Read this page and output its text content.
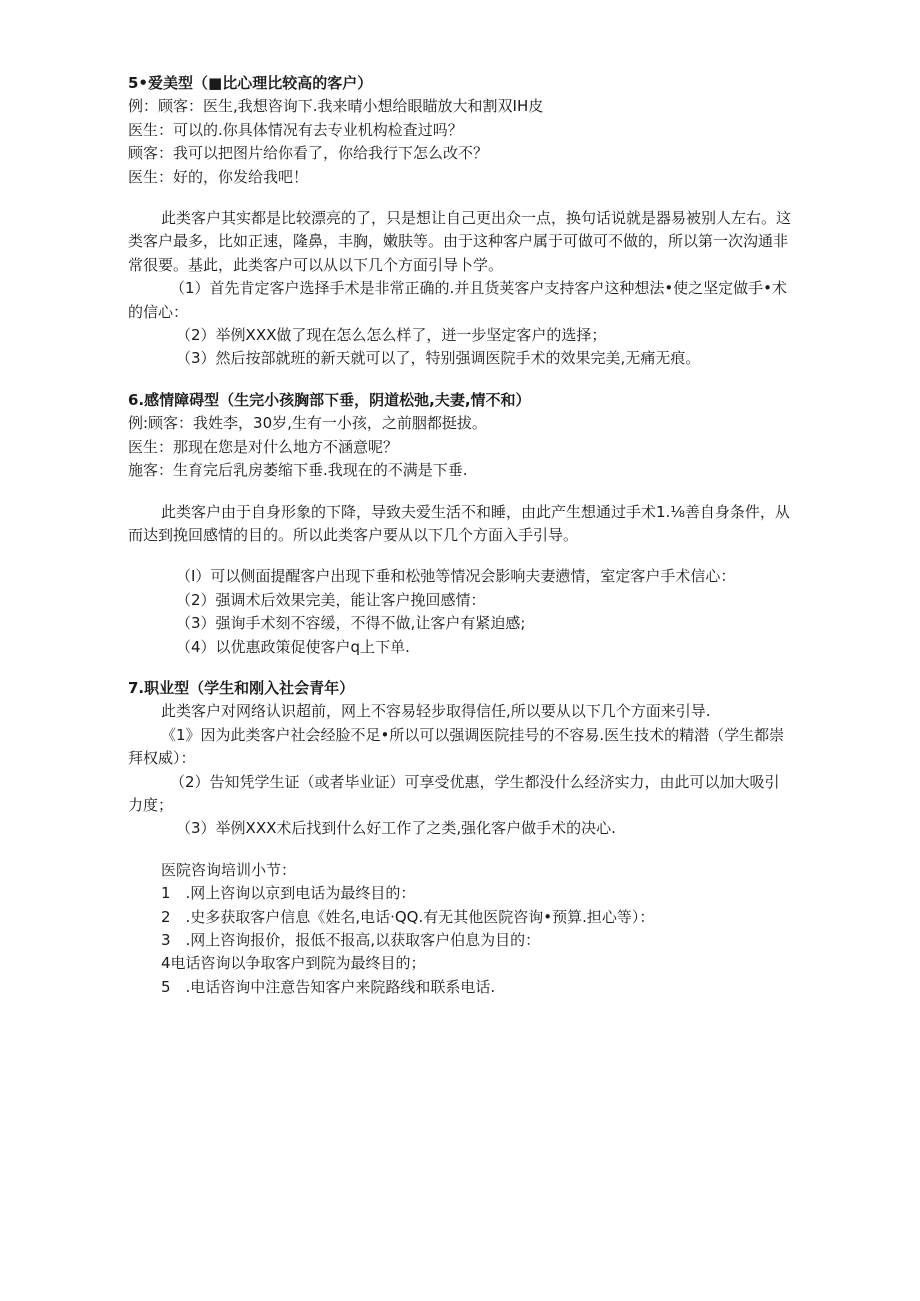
5•爱美型（■比心理比较高的客户）
例：顾客：医生,我想咨询下.我来晴小想给眼瞄放大和割双IH皮
医生：可以的.你具体情况有去专业机构检査过吗？
顾客：我可以把图片给你看了，你给我行下怎么改不？
医生：好的，你发给我吧！
此类客户其实都是比较漂亮的了，只是想让自己更出众一点，换句话说就是器易被别人左右。这类客户最多，比如正速，隆鼻，丰胸，嫩肤等。由于这种客户属于可做可不做的，所以第一次沟通非常很要。基此，此类客户可以从以下几个方面引导卜学。
（1）首先肯定客户选择手术是非常正确的.并且货荚客户支持客户这种想法•使之坚定做手•术的信心：
（2）举例XXX做了现在怎么怎么样了，迸一步坚定客户的选择；
（3）然后按部就班的新天就可以了，特别强调医院手术的效果完美,无痛无痕。
6.感情障碍型（生完小孩胸部下垂，阴道松弛,夫妻,情不和）
例:顾客：我姓李，30岁,生有一小孩，之前胭都挺拔。
医生：那现在您是对什么地方不涵意呢？
施客：生育完后乳房萎缩下垂.我现在的不满是下垂.
此类客户由于自身形象的下降，导致夫爱生活不和睡，由此产生想通过手术1.⅛善自身条件，从而达到挽回感情的目的。所以此类客户要从以下几个方面入手引导。
（I）可以侧面提醒客户出现下垂和松弛等情况会影响夫妻懑情，室定客户手术信心：
（2）强调术后效果完美，能让客户挽回感情：
（3）强询手术刻不容缓，不得不做,让客户有紧迫感;
（4）以优惠政策促使客户q上下单.
7.职业型（学生和刚入社会青年）
此类客户对网络认识超前，网上不容易轻步取得信任,所以要从以下几个方面来引导.
《1》因为此类客户社会经脸不足•所以可以强调医院挂号的不容易.医生技术的精潜（学生都崇拜权威）：
（2）告知凭学生证（或者毕业证）可享受优惠，学生都没什么经济实力，由此可以加大吸引力度；
（3）举例XXX术后找到什么好工作了之类,强化客户做手术的决心.
医院咨询培训小节：
1　.网上咨询以京到电话为最终目的：
2　.史多获取客户信息《姓名,电话·QQ.有无其他医院咨询•预算.担心等）：
3　.网上咨询报价，报低不报高,以获取客户伯息为目的：
4电话咨询以争取客户到院为最终目的；
5　.电话咨询中注意告知客户来院路线和联系电话.
